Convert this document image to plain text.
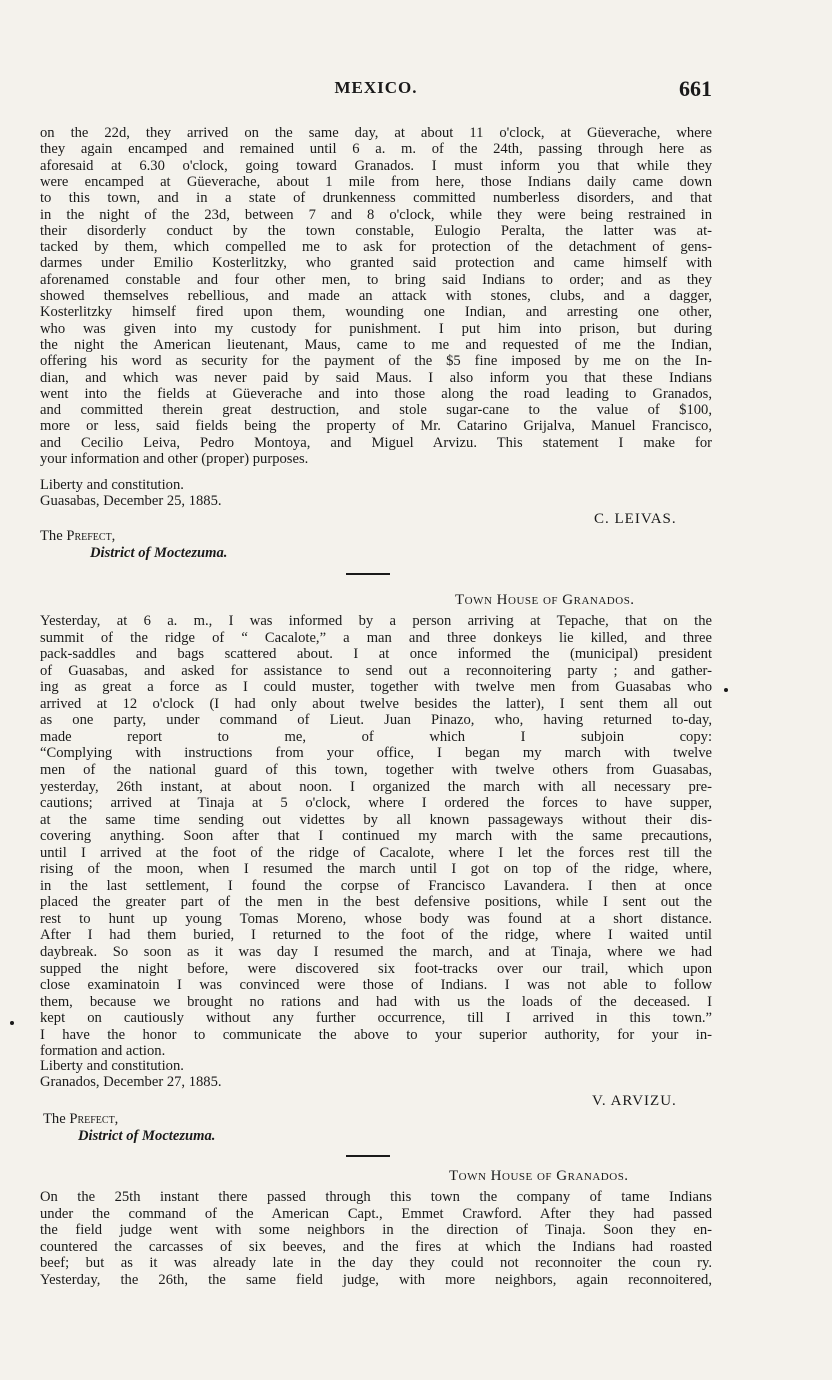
MEXICO.	661
on the 22d, they arrived on the same day, at about 11 o'clock, at Güeverache, where
they again encamped and remained until 6 a. m. of the 24th, passing through here as
aforesaid at 6.30 o'clock, going toward Granados. I must inform you that while they
were encamped at Güeverache, about 1 mile from here, those Indians daily came down
to this town, and in a state of drunkenness committed numberless disorders, and that
in the night of the 23d, between 7 and 8 o'clock, while they were being restrained in
their disorderly conduct by the town constable, Eulogio Peralta, the latter was at-
tacked by them, which compelled me to ask for protection of the detachment of gens-
darmes under Emilio Kosterlitzky, who granted said protection and came himself with
aforenamed constable and four other men, to bring said Indians to order; and as they
showed themselves rebellious, and made an attack with stones, clubs, and a dagger,
Kosterlitzky himself fired upon them, wounding one Indian, and arresting one other,
who was given into my custody for punishment. I put him into prison, but during
the night the American lieutenant, Maus, came to me and requested of me the Indian,
offering his word as security for the payment of the $5 fine imposed by me on the In-
dian, and which was never paid by said Maus. I also inform you that these Indians
went into the fields at Güeverache and into those along the road leading to Granados,
and committed therein great destruction, and stole sugar-cane to the value of $100,
more or less, said fields being the property of Mr. Catarino Grijalva, Manuel Francisco,
and Cecilio Leiva, Pedro Montoya, and Miguel Arvizu. This statement I make for
your information and other (proper) purposes.
Liberty and constitution.
Guasabas, December 25, 1885.
C. LEIVAS.
The Prefect,
District of Moctezuma.
Town House of Granados.
Yesterday, at 6 a. m., I was informed by a person arriving at Tepache, that on the
summit of the ridge of “ Cacalote,” a man and three donkeys lie killed, and three
pack-saddles and bags scattered about. I at once informed the (municipal) president
of Guasabas, and asked for assistance to send out a reconnoitering party ; and gather-
ing as great a force as I could muster, together with twelve men from Guasabas who
arrived at 12 o'clock (I had only about twelve besides the latter), I sent them all out
as one party, under command of Lieut. Juan Pinazo, who, having returned to-day,
made report to me, of which I subjoin copy:
“Complying with instructions from your office, I began my march with twelve
men of the national guard of this town, together with twelve others from Guasabas,
yesterday, 26th instant, at about noon. I organized the march with all necessary pre-
cautions; arrived at Tinaja at 5 o'clock, where I ordered the forces to have supper,
at the same time sending out videttes by all known passageways without their dis-
covering anything. Soon after that I continued my march with the same precautions,
until I arrived at the foot of the ridge of Cacalote, where I let the forces rest till the
rising of the moon, when I resumed the march until I got on top of the ridge, where,
in the last settlement, I found the corpse of Francisco Lavandera. I then at once
placed the greater part of the men in the best defensive positions, while I sent out the
rest to hunt up young Tomas Moreno, whose body was found at a short distance.
After I had them buried, I returned to the foot of the ridge, where I waited until
daybreak. So soon as it was day I resumed the march, and at Tinaja, where we had
supped the night before, were discovered six foot-tracks over our trail, which upon
close examinatoin I was convinced were those of Indians. I was not able to follow
them, because we brought no rations and had with us the loads of the deceased. I
kept on cautiously without any further occurrence, till I arrived in this town.”
I have the honor to communicate the above to your superior authority, for your in-
formation and action.
Liberty and constitution.
Granados, December 27, 1885.
V. ARVIZU.
The Prefect,
District of Moctezuma.
Town House of Granados.
On the 25th instant there passed through this town the company of tame Indians
under the command of the American Capt., Emmet Crawford. After they had passed
the field judge went with some neighbors in the direction of Tinaja. Soon they en-
countered the carcasses of six beeves, and the fires at which the Indians had roasted
beef; but as it was already late in the day they could not reconnoiter the coun ry.
Yesterday, the 26th, the same field judge, with more neighbors, again reconnoitered,
